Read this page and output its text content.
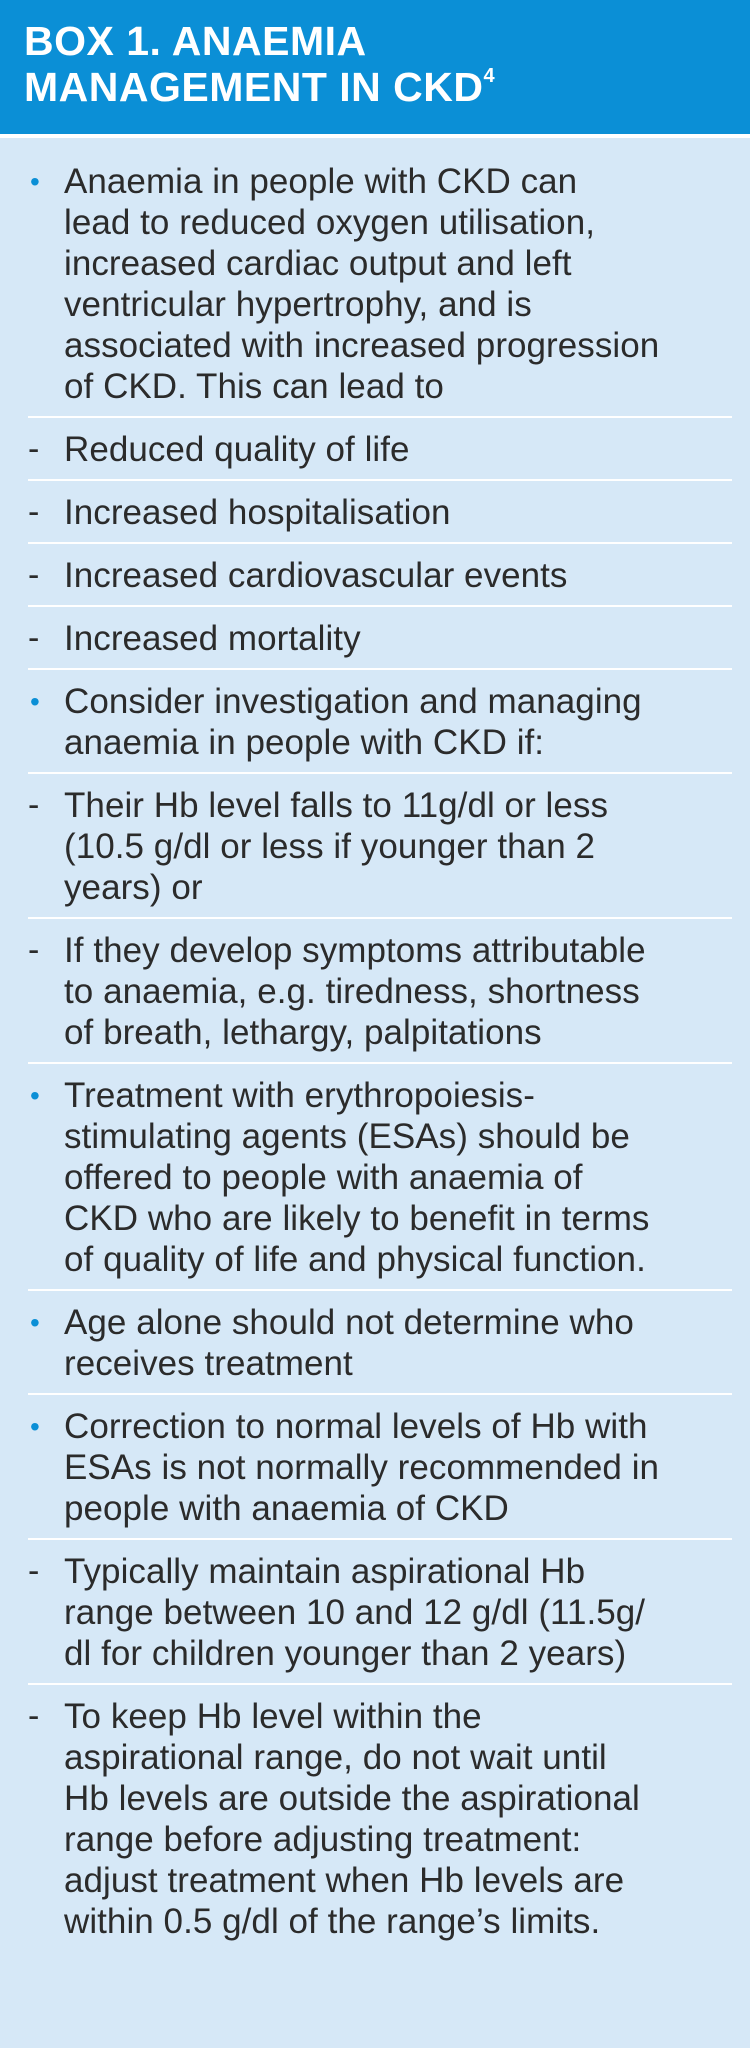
BOX 1. ANAEMIA
MANAGEMENT IN CKD$^4$
• Anaemia in people with CKD can
lead to reduced oxygen utilisation,
increased cardiac output and left
ventricular hypertrophy, and is
associated with increased progression
of CKD. This can lead to
- Reduced quality of life
- Increased hospitalisation
- Increased cardiovascular events
- Increased mortality
• Consider investigation and managing
anaemia in people with CKD if:
- Their Hb level falls to 11g/dl or less
(10.5 g/dl or less if younger than 2
years) or
- If they develop symptoms attributable
to anaemia, e.g. tiredness, shortness
of breath, lethargy, palpitations
• Treatment with erythropoiesis-
stimulating agents (ESAs) should be
offered to people with anaemia of
CKD who are likely to benefit in terms
of quality of life and physical function.
• Age alone should not determine who
receives treatment
• Correction to normal levels of Hb with
ESAs is not normally recommended in
people with anaemia of CKD
- Typically maintain aspirational Hb
range between 10 and 12 g/dl (11.5g/
dl for children younger than 2 years)
- To keep Hb level within the
aspirational range, do not wait until
Hb levels are outside the aspirational
range before adjusting treatment:
adjust treatment when Hb levels are
within 0.5 g/dl of the range’s limits.
